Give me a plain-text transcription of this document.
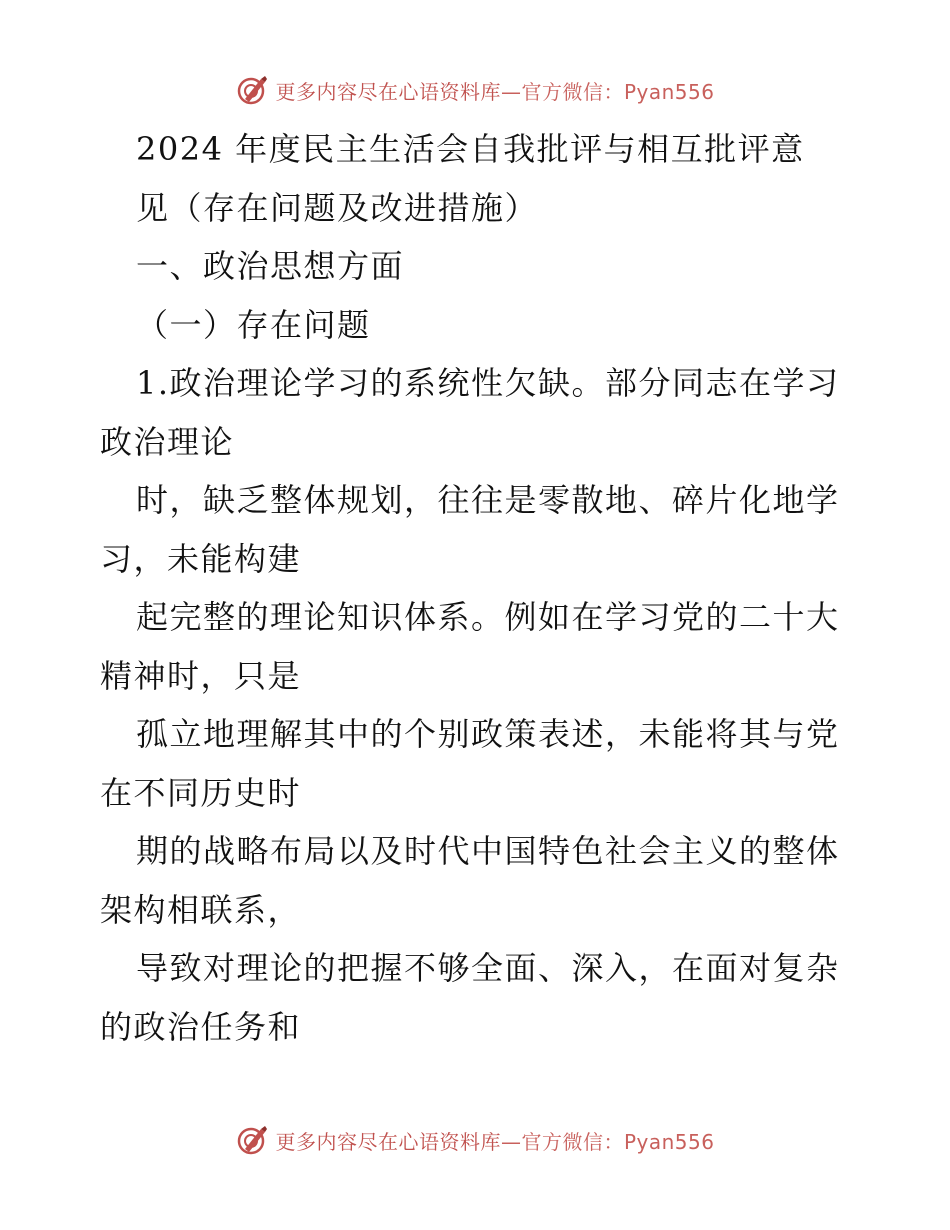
更多内容尽在心语资料库—官方微信：Pyan556
2024 年度民主生活会自我批评与相互批评意
见（存在问题及改进措施）
一、政治思想方面
（一）存在问题
1.政治理论学习的系统性欠缺。部分同志在学习
政治理论
时，缺乏整体规划，往往是零散地、碎片化地学
习，未能构建
起完整的理论知识体系。例如在学习党的二十大
精神时，只是
孤立地理解其中的个别政策表述，未能将其与党
在不同历史时
期的战略布局以及时代中国特色社会主义的整体
架构相联系，
导致对理论的把握不够全面、深入，在面对复杂
的政治任务和
更多内容尽在心语资料库—官方微信：Pyan556
